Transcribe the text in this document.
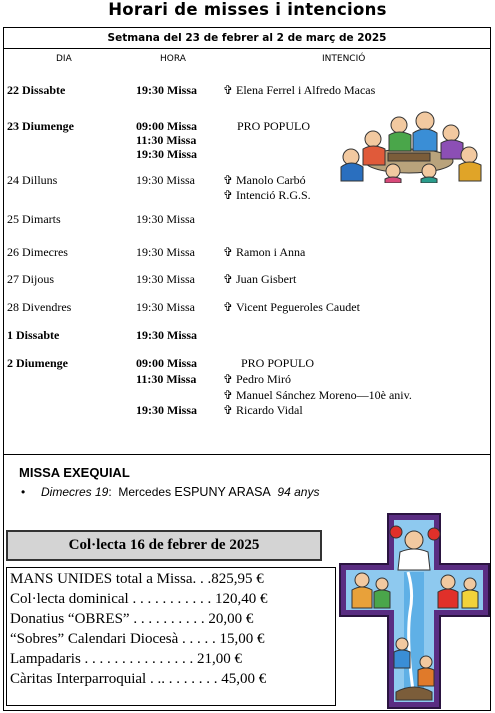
Horari de misses i intencions
Setmana del 23 de febrer al 2 de març de 2025
DIA	HORA	INTENCIÓ
22 Dissabte
23 Diumenge
24 Dilluns
25 Dimarts
26 Dimecres
27 Dijous
28 Divendres
1 Dissabte
2 Diumenge
19:30 Missa
09:00 Missa
11:30 Missa
19:30 Missa
19:30 Missa
19:30 Missa
19:30 Missa
19:30 Missa
19:30 Missa
19:30 Missa
09:00 Missa
11:30 Missa
19:30 Missa
✞ Elena Ferrel i Alfredo Macas
PRO POPULO
✞ Manolo Carbó
✞ Intenció R.G.S.
✞ Ramon i Anna
✞ Juan Gisbert
✞ Vicent Pegueroles Caudet
PRO POPULO
✞ Pedro Miró
✞ Manuel Sánchez Moreno—10è aniv.
✞ Ricardo Vidal
MISSA EXEQUIAL
• Dimecres 19: Mercedes ESPUNY ARASA 94 anys
Col·lecta 16 de febrer de 2025
MANS UNIDES total a Missa. . .825,95 €
Col·lecta dominical . . . . . . . . . . . 120,40 €
Donatius “OBRES” . . . . . . . . . . 20,00 €
“Sobres” Calendari Diocesà . . . . . 15,00 €
Lampadaris . . . . . . . . . . . . . . . 21,00 €
Càritas Interparroquial . .. . . . . . . . 45,00 €
